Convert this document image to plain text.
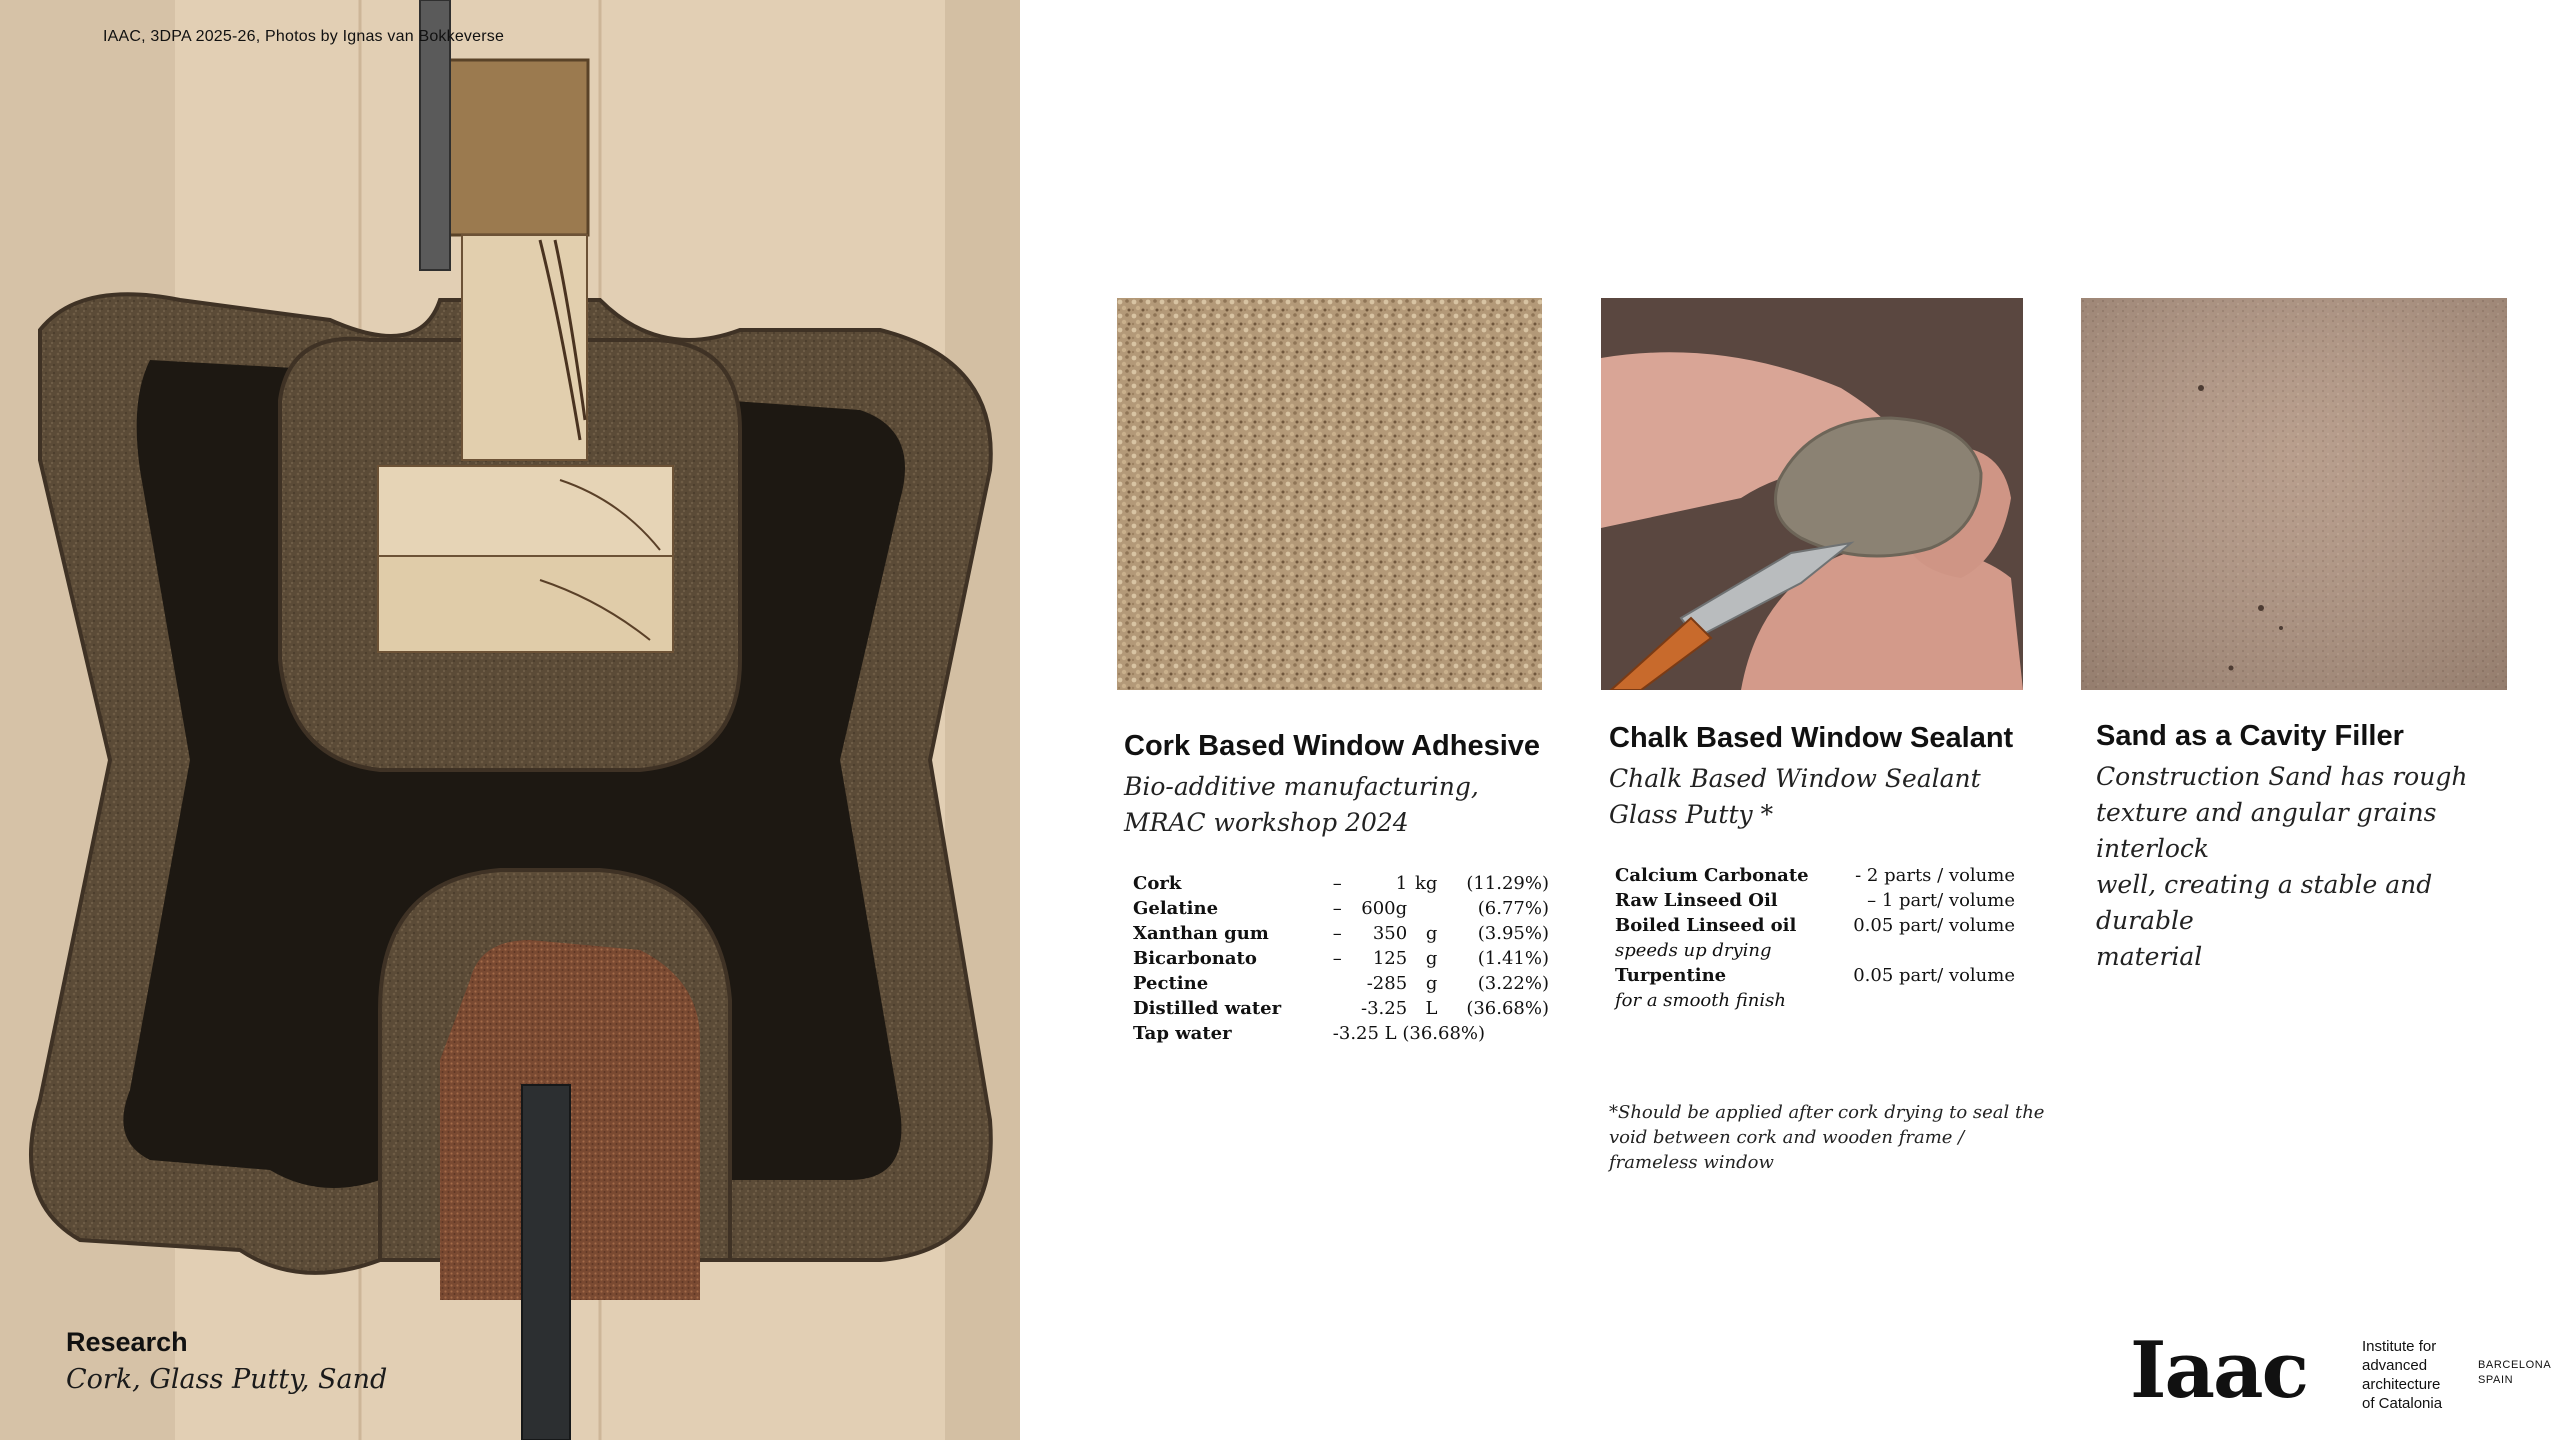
IAAC, 3DPA 2025-26, Photos by Ignas van Bokkeverse
Research
Cork, Glass Putty, Sand
Cork Based Window Adhesive
Bio-additive manufacturing,
MRAC workshop 2024
Cork	–	1	kg	(11.29%)
Gelatine	–	600g		(6.77%)
Xanthan gum	–	350	g	(3.95%)
Bicarbonato	–	125	g	(1.41%)
Pectine		-285	g	(3.22%)
Distilled water		-3.25	L	(36.68%)
Tap water	-3.25 L (36.68%)			
Chalk Based Window Sealant
Chalk Based Window Sealant
Glass Putty *
Calcium Carbonate	- 2 parts / volume
Raw Linseed Oil	– 1 part/ volume
Boiled Linseed oil	0.05 part/ volume
speeds up drying	
Turpentine	0.05 part/ volume
for a smooth finish	
*Should be applied after cork drying to seal the void between cork and wooden frame / frameless window
Sand as a Cavity Filler
Construction Sand has rough
texture and angular grains interlock
well, creating a stable and durable
material
Iaac	Institute for
advanced
architecture
of Catalonia
BARCELONA
SPAIN
